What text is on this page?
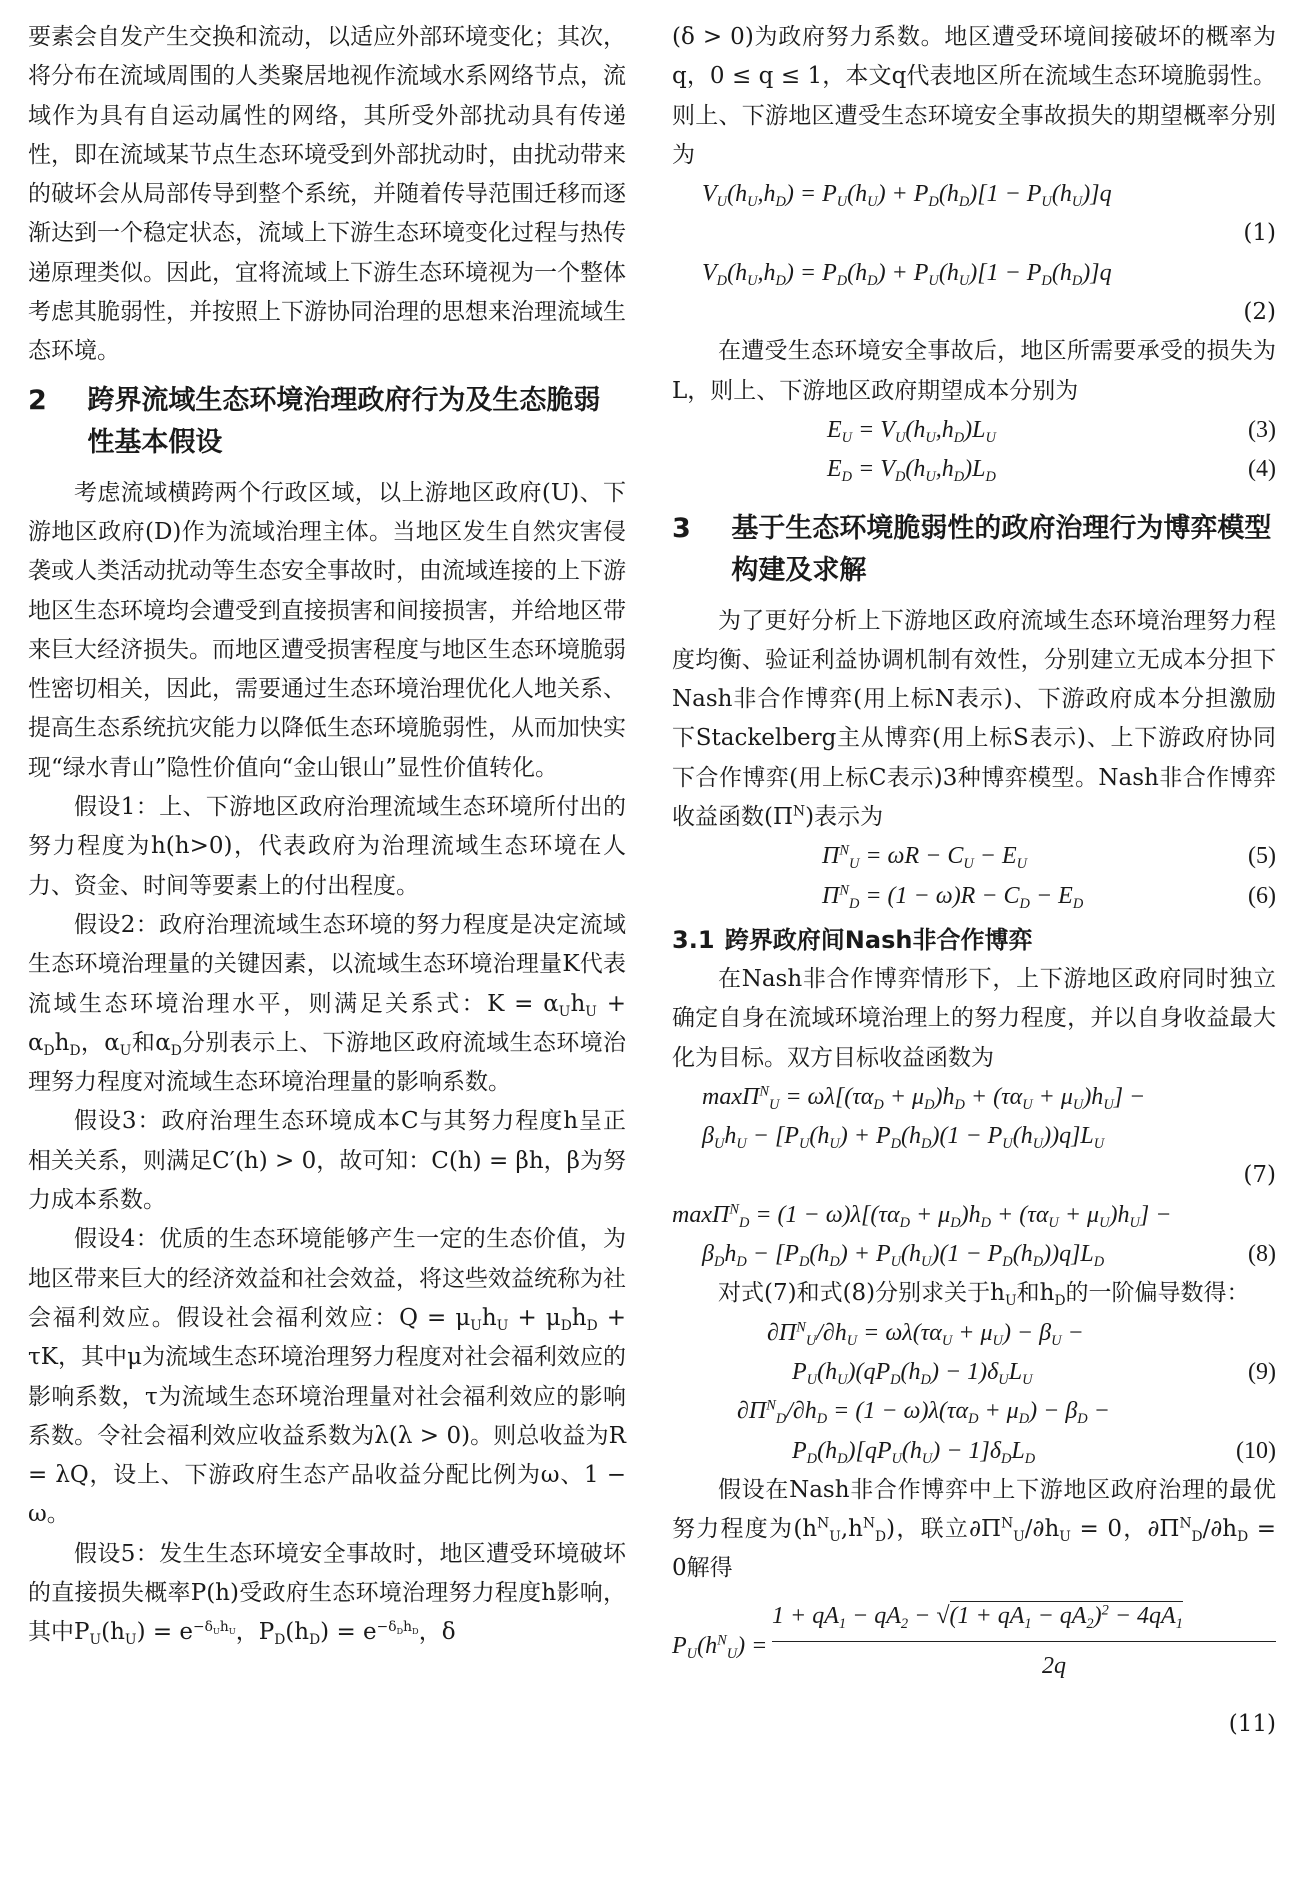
要素会自发产生交换和流动，以适应外部环境变化；其次，将分布在流域周围的人类聚居地视作流域水系网络节点，流域作为具有自运动属性的网络，其所受外部扰动具有传递性，即在流域某节点生态环境受到外部扰动时，由扰动带来的破坏会从局部传导到整个系统，并随着传导范围迁移而逐渐达到一个稳定状态，流域上下游生态环境变化过程与热传递原理类似。因此，宜将流域上下游生态环境视为一个整体考虑其脆弱性，并按照上下游协同治理的思想来治理流域生态环境。

2 跨界流域生态环境治理政府行为及生态脆弱性基本假设

考虑流域横跨两个行政区域，以上游地区政府(U)、下游地区政府(D)作为流域治理主体。当地区发生自然灾害侵袭或人类活动扰动等生态安全事故时，由流域连接的上下游地区生态环境均会遭受到直接损害和间接损害，并给地区带来巨大经济损失。而地区遭受损害程度与地区生态环境脆弱性密切相关，因此，需要通过生态环境治理优化人地关系、提高生态系统抗灾能力以降低生态环境脆弱性，从而加快实现“绿水青山”隐性价值向“金山银山”显性价值转化。

假设1：上、下游地区政府治理流域生态环境所付出的努力程度为h(h>0)，代表政府为治理流域生态环境在人力、资金、时间等要素上的付出程度。

假设2：政府治理流域生态环境的努力程度是决定流域生态环境治理量的关键因素，以流域生态环境治理量K代表流域生态环境治理水平，则满足关系式：$K = \alpha_Uh_U + \alpha_Dh_D$，$\alpha_U$和$\alpha_D$分别表示上、下游地区政府流域生态环境治理努力程度对流域生态环境治理量的影响系数。

假设3：政府治理生态环境成本C与其努力程度h呈正相关关系，则满足C′(h) > 0，故可知：C(h) = βh，β为努力成本系数。

假设4：优质的生态环境能够产生一定的生态价值，为地区带来巨大的经济效益和社会效益，将这些效益统称为社会福利效应。假设社会福利效应：$Q = \mu_Uh_U + \mu_Dh_D + \tau K$，其中μ为流域生态环境治理努力程度对社会福利效应的影响系数，τ为流域生态环境治理量对社会福利效应的影响系数。令社会福利效应收益系数为λ(λ > 0)。则总收益为R = λQ，设上、下游政府生态产品收益分配比例为ω、1 − ω。

假设5：发生生态环境安全事故时，地区遭受环境破坏的直接损失概率P(h)受政府生态环境治理努力程度h影响，其中$P_U(h_U) = e^{-\delta_Uh_U}$，$P_D(h_D) = e^{-\delta_Dh_D}$，δ

(δ > 0)为政府努力系数。地区遭受环境间接破坏的概率为q，0 ≤ q ≤ 1，本文q代表地区所在流域生态环境脆弱性。则上、下游地区遭受生态环境安全事故损失的期望概率分别为

$V_U(h_U,h_D) = P_U(h_U) + P_D(h_D)[1 - P_U(h_U)]q$
(1)
$V_D(h_U,h_D) = P_D(h_D) + P_U(h_U)[1 - P_D(h_D)]q$
(2)

在遭受生态环境安全事故后，地区所需要承受的损失为L，则上、下游地区政府期望成本分别为

$E_U = V_U(h_U,h_D)L_U$	(3)
$E_D = V_D(h_U,h_D)L_D$	(4)
3 基于生态环境脆弱性的政府治理行为博弈模型构建及求解

为了更好分析上下游地区政府流域生态环境治理努力程度均衡、验证利益协调机制有效性，分别建立无成本分担下Nash非合作博弈(用上标N表示)、下游政府成本分担激励下Stackelberg主从博弈(用上标S表示)、上下游政府协同下合作博弈(用上标C表示)3种博弈模型。Nash非合作博弈收益函数$(\Pi^N)$表示为

$\Pi^N_U = \omega R - C_U - E_U$	(5)
$\Pi^N_D = (1 - \omega)R - C_D - E_D$	(6)
3.1 跨界政府间Nash非合作博弈

在Nash非合作博弈情形下，上下游地区政府同时独立确定自身在流域环境治理上的努力程度，并以自身收益最大化为目标。双方目标收益函数为

$\max\Pi^N_U = \omega\lambda[(\tau\alpha_D + \mu_D)h_D + (\tau\alpha_U + \mu_U)h_U]$ −
$\beta_Uh_U - [P_U(h_U) + P_D(h_D)(1 - P_U(h_U))q]L_U$
(7)
$\max\Pi^N_D = (1 - \omega)\lambda[(\tau\alpha_D + \mu_D)h_D + (\tau\alpha_U + \mu_U)h_U]$ −
$\beta_Dh_D - [P_D(h_D) + P_U(h_U)(1 - P_D(h_D))q]L_D$	(8)

对式(7)和式(8)分别求关于$h_U$和$h_D$的一阶偏导数得：

$\partial\Pi^N_U/\partial h_U = \omega\lambda(\tau\alpha_U + \mu_U) - \beta_U$ −
$P_U(h_U)(qP_D(h_D) - 1)\delta_UL_U$	(9)
$\partial\Pi^N_D/\partial h_D = (1 - \omega)\lambda(\tau\alpha_D + \mu_D) - \beta_D$ −
$P_D(h_D)[qP_U(h_U) - 1]\delta_DL_D$	(10)

假设在Nash非合作博弈中上下游地区政府治理的最优努力程度为$(h^N_U,h^N_D)$，联立$\partial\Pi^N_U/\partial h_U = 0$，$\partial\Pi^N_D/\partial h_D = 0$解得

$P_U(h^N_U)$ =
$1 + qA_1 - qA_2 - √(1 + qA_1 - qA_2)^2 - 4qA_1$
2q
(11)
